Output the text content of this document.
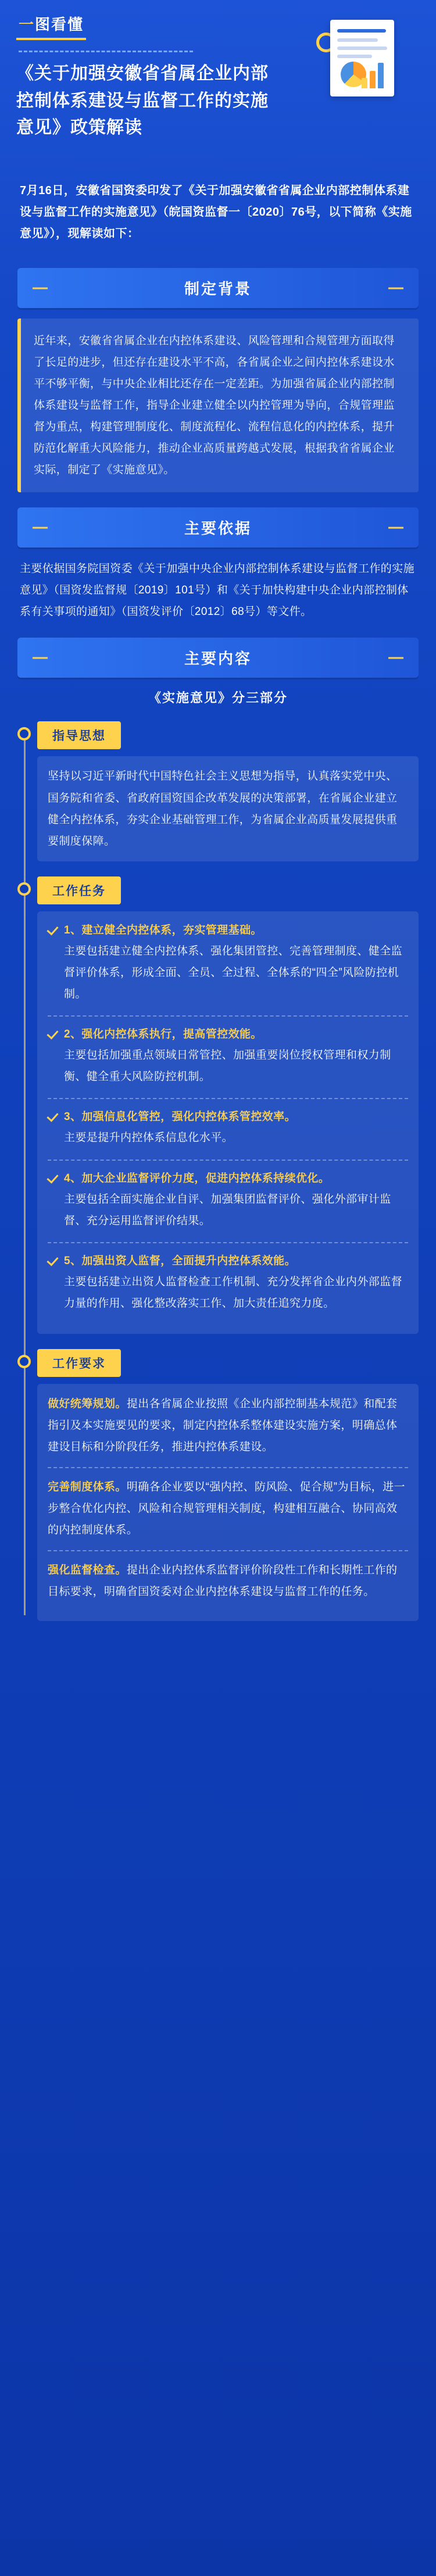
一图看懂
《关于加强安徽省省属企业内部控制体系建设与监督工作的实施意见》政策解读
7月16日，安徽省国资委印发了《关于加强安徽省省属企业内部控制体系建设与监督工作的实施意见》（皖国资监督一〔2020〕76号，以下简称《实施意见》），现解读如下：
制定背景
近年来，安徽省省属企业在内控体系建设、风险管理和合规管理方面取得了长足的进步，但还存在建设水平不高，各省属企业之间内控体系建设水平不够平衡，与中央企业相比还存在一定差距。为加强省属企业内部控制体系建设与监督工作，指导企业建立健全以内控管理为导向，合规管理监督为重点，构建管理制度化、制度流程化、流程信息化的内控体系，提升防范化解重大风险能力，推动企业高质量跨越式发展，根据我省省属企业实际，制定了《实施意见》。
主要依据
主要依据国务院国资委《关于加强中央企业内部控制体系建设与监督工作的实施意见》（国资发监督规〔2019〕101号）和《关于加快构建中央企业内部控制体系有关事项的通知》（国资发评价〔2012〕68号）等文件。
主要内容
《实施意见》分三部分
指导思想
坚持以习近平新时代中国特色社会主义思想为指导，认真落实党中央、国务院和省委、省政府国资国企改革发展的决策部署，在省属企业建立健全内控体系，夯实企业基础管理工作，为省属企业高质量发展提供重要制度保障。
工作任务
1、建立健全内控体系，夯实管理基础。
主要包括建立健全内控体系、强化集团管控、完善管理制度、健全监督评价体系，形成全面、全员、全过程、全体系的“四全”风险防控机制。
2、强化内控体系执行，提高管控效能。
主要包括加强重点领域日常管控、加强重要岗位授权管理和权力制衡、健全重大风险防控机制。
3、加强信息化管控，强化内控体系管控效率。
主要是提升内控体系信息化水平。
4、加大企业监督评价力度，促进内控体系持续优化。
主要包括全面实施企业自评、加强集团监督评价、强化外部审计监督、充分运用监督评价结果。
5、加强出资人监督，全面提升内控体系效能。
主要包括建立出资人监督检查工作机制、充分发挥省企业内外部监督力量的作用、强化整改落实工作、加大责任追究力度。
工作要求

做好统筹规划。提出各省属企业按照《企业内部控制基本规范》和配套指引及本实施要见的要求，制定内控体系整体建设实施方案，明确总体建设目标和分阶段任务，推进内控体系建设。

完善制度体系。明确各企业要以“强内控、防风险、促合规”为目标，进一步整合优化内控、风险和合规管理相关制度，构建相互融合、协同高效的内控制度体系。

强化监督检查。提出企业内控体系监督评价阶段性工作和长期性工作的目标要求，明确省国资委对企业内控体系建设与监督工作的任务。
